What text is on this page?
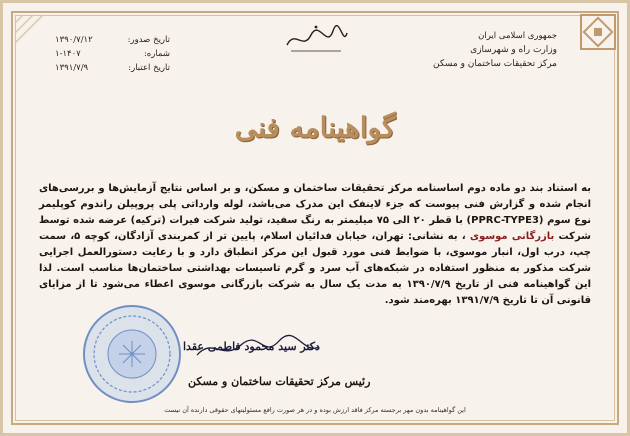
جمهوری اسلامی ایران
وزارت راه و شهرسازی
مرکز تحقیقات ساختمان و مسکن
تاریخ صدور:
۱۳۹۰/۷/۱۲
شماره:
۱-۱۴۰۷
تاریخ اعتبار:
۱۳۹۱/۷/۹
گواهینامه فنی
به استناد بند دو ماده دوم اساسنامه مرکز تحقیقات ساختمان و مسکن، و بر اساس نتایج آزمایش‌ها و بررسی‌های انجام شده و گزارش فنی پیوست که جزء لاینفک این مدرک می‌باشد، لوله وارداتی پلی پروپیلن راندوم کوپلیمر نوع سوم (PPRC-TYPE3) با قطر ۲۰ الی ۷۵ میلیمتر به رنگ سفید، تولید شرکت فیرات (ترکیه) عرضه شده توسط شرکت بازرگانی موسوی ، به نشانی: تهران، خیابان فدائیان اسلام، پایین تر از کمربندی آزادگان، کوچه ۵، سمت چپ، درب اول، انبار موسوی، با ضوابط فنی مورد قبول این مرکز انطباق دارد و با رعایت دستورالعمل اجرایی شرکت مذکور به منظور استفاده در شبکه‌های آب سرد و گرم تاسیسات بهداشتی ساختمان‌ها مناسب است. لذا این گواهینامه فنی از تاریخ ۱۳۹۰/۷/۹ به مدت یک سال به شرکت بازرگانی موسوی اعطاء می‌شود تا از مزایای قانونی آن تا تاریخ ۱۳۹۱/۷/۹ بهره‌مند شود.
دکتر سید محمود فاطمی عقدا
رئیس مرکز تحقیقات ساختمان و مسکن
این گواهینامه بدون مهر برجسته مرکز فاقد ارزش بوده و در هر صورت رافع مسئولیتهای حقوقی دارنده آن نیست
